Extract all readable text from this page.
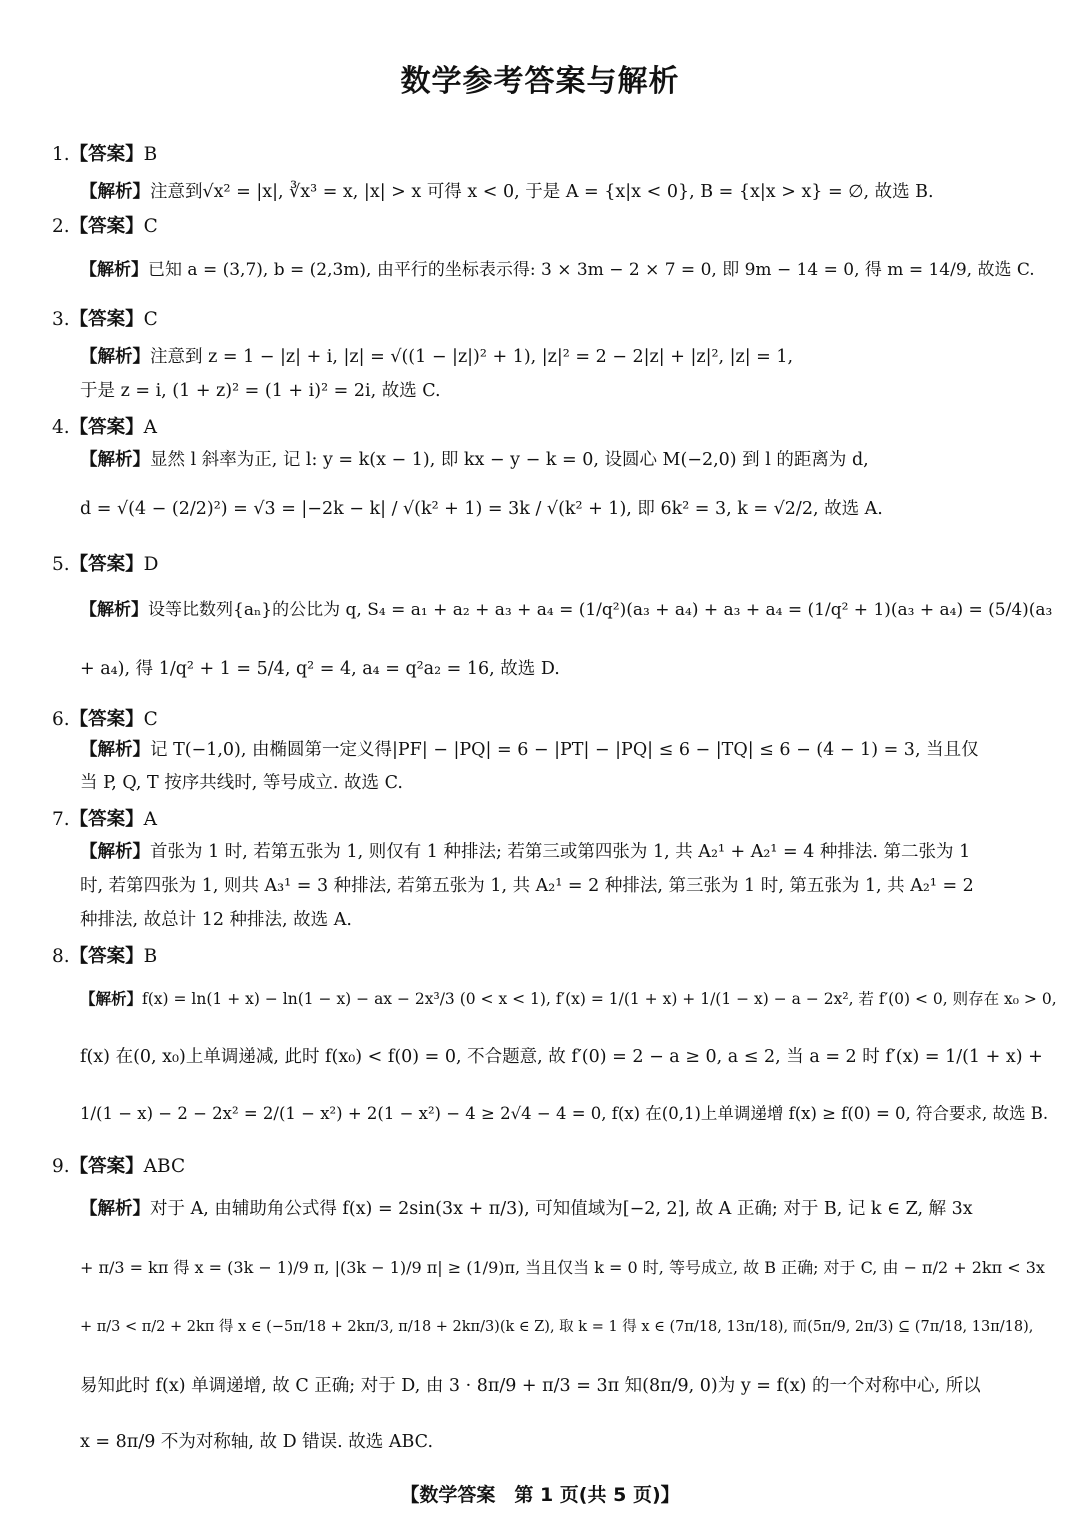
数学参考答案与解析
1.【答案】B
【解析】注意到√x² = |x|, ∛x³ = x, |x| > x 可得 x < 0, 于是 A = {x|x < 0}, B = {x|x > x} = ∅, 故选 B.
2.【答案】C
【解析】已知 a = (3,7), b = (2,3m), 由平行的坐标表示得: 3 × 3m − 2 × 7 = 0, 即 9m − 14 = 0, 得 m = 14/9, 故选 C.
3.【答案】C
【解析】注意到 z = 1 − |z| + i, |z| = √((1 − |z|)² + 1), |z|² = 2 − 2|z| + |z|², |z| = 1,
于是 z = i, (1 + z)² = (1 + i)² = 2i, 故选 C.
4.【答案】A
【解析】显然 l 斜率为正, 记 l: y = k(x − 1), 即 kx − y − k = 0, 设圆心 M(−2,0) 到 l 的距离为 d,
d = √(4 − (2/2)²) = √3 = |−2k − k| / √(k² + 1) = 3k / √(k² + 1), 即 6k² = 3, k = √2/2, 故选 A.
5.【答案】D
【解析】设等比数列{aₙ}的公比为 q, S₄ = a₁ + a₂ + a₃ + a₄ = (1/q²)(a₃ + a₄) + a₃ + a₄ = (1/q² + 1)(a₃ + a₄) = (5/4)(a₃
+ a₄), 得 1/q² + 1 = 5/4, q² = 4, a₄ = q²a₂ = 16, 故选 D.
6.【答案】C
【解析】记 T(−1,0), 由椭圆第一定义得|PF| − |PQ| = 6 − |PT| − |PQ| ≤ 6 − |TQ| ≤ 6 − (4 − 1) = 3, 当且仅
当 P, Q, T 按序共线时, 等号成立. 故选 C.
7.【答案】A
【解析】首张为 1 时, 若第五张为 1, 则仅有 1 种排法; 若第三或第四张为 1, 共 A₂¹ + A₂¹ = 4 种排法. 第二张为 1
时, 若第四张为 1, 则共 A₃¹ = 3 种排法, 若第五张为 1, 共 A₂¹ = 2 种排法, 第三张为 1 时, 第五张为 1, 共 A₂¹ = 2
种排法, 故总计 12 种排法, 故选 A.
8.【答案】B
【解析】f(x) = ln(1 + x) − ln(1 − x) − ax − 2x³/3 (0 < x < 1), f′(x) = 1/(1 + x) + 1/(1 − x) − a − 2x², 若 f′(0) < 0, 则存在 x₀ > 0,
f(x) 在(0, x₀)上单调递减, 此时 f(x₀) < f(0) = 0, 不合题意, 故 f′(0) = 2 − a ≥ 0, a ≤ 2, 当 a = 2 时 f′(x) = 1/(1 + x) +
1/(1 − x) − 2 − 2x² = 2/(1 − x²) + 2(1 − x²) − 4 ≥ 2√4 − 4 = 0, f(x) 在(0,1)上单调递增 f(x) ≥ f(0) = 0, 符合要求, 故选 B.
9.【答案】ABC
【解析】对于 A, 由辅助角公式得 f(x) = 2sin(3x + π/3), 可知值域为[−2, 2], 故 A 正确; 对于 B, 记 k ∈ Z, 解 3x
+ π/3 = kπ 得 x = (3k − 1)/9 π, |(3k − 1)/9 π| ≥ (1/9)π, 当且仅当 k = 0 时, 等号成立, 故 B 正确; 对于 C, 由 − π/2 + 2kπ < 3x
+ π/3 < π/2 + 2kπ 得 x ∈ (−5π/18 + 2kπ/3, π/18 + 2kπ/3)(k ∈ Z), 取 k = 1 得 x ∈ (7π/18, 13π/18), 而(5π/9, 2π/3) ⊆ (7π/18, 13π/18),
易知此时 f(x) 单调递增, 故 C 正确; 对于 D, 由 3 · 8π/9 + π/3 = 3π 知(8π/9, 0)为 y = f(x) 的一个对称中心, 所以
x = 8π/9 不为对称轴, 故 D 错误. 故选 ABC.
【数学答案　第 1 页(共 5 页)】
